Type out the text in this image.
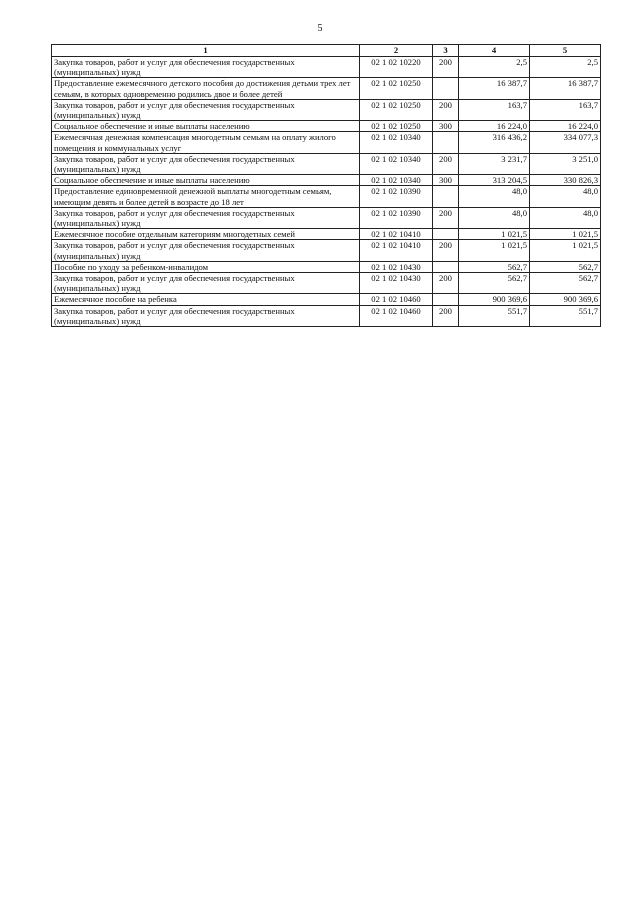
5
1	2	3	4	5
Закупка товаров, работ и услуг для обеспечения государственных (муниципальных) нужд	02 1 02 10220	200	2,5	2,5
Предоставление ежемесячного детского пособия до достижения детьми трех лет семьям, в которых одновременно родились двое и более детей	02 1 02 10250		16 387,7	16 387,7
Закупка товаров, работ и услуг для обеспечения государственных (муниципальных) нужд	02 1 02 10250	200	163,7	163,7
Социальное обеспечение и иные выплаты населению	02 1 02 10250	300	16 224,0	16 224,0
Ежемесячная денежная компенсация многодетным семьям на оплату жилого помещения и коммунальных услуг	02 1 02 10340		316 436,2	334 077,3
Закупка товаров, работ и услуг для обеспечения государственных (муниципальных) нужд	02 1 02 10340	200	3 231,7	3 251,0
Социальное обеспечение и иные выплаты населению	02 1 02 10340	300	313 204,5	330 826,3
Предоставление единовременной денежной выплаты многодетным семьям, имеющим девять и более детей в возрасте до 18 лет	02 1 02 10390		48,0	48,0
Закупка товаров, работ и услуг для обеспечения государственных (муниципальных) нужд	02 1 02 10390	200	48,0	48,0
Ежемесячное пособие отдельным категориям многодетных семей	02 1 02 10410		1 021,5	1 021,5
Закупка товаров, работ и услуг для обеспечения государственных (муниципальных) нужд	02 1 02 10410	200	1 021,5	1 021,5
Пособие по уходу за ребенком-инвалидом	02 1 02 10430		562,7	562,7
Закупка товаров, работ и услуг для обеспечения государственных (муниципальных) нужд	02 1 02 10430	200	562,7	562,7
Ежемесячное пособие на ребенка	02 1 02 10460		900 369,6	900 369,6
Закупка товаров, работ и услуг для обеспечения государственных (муниципальных) нужд	02 1 02 10460	200	551,7	551,7
